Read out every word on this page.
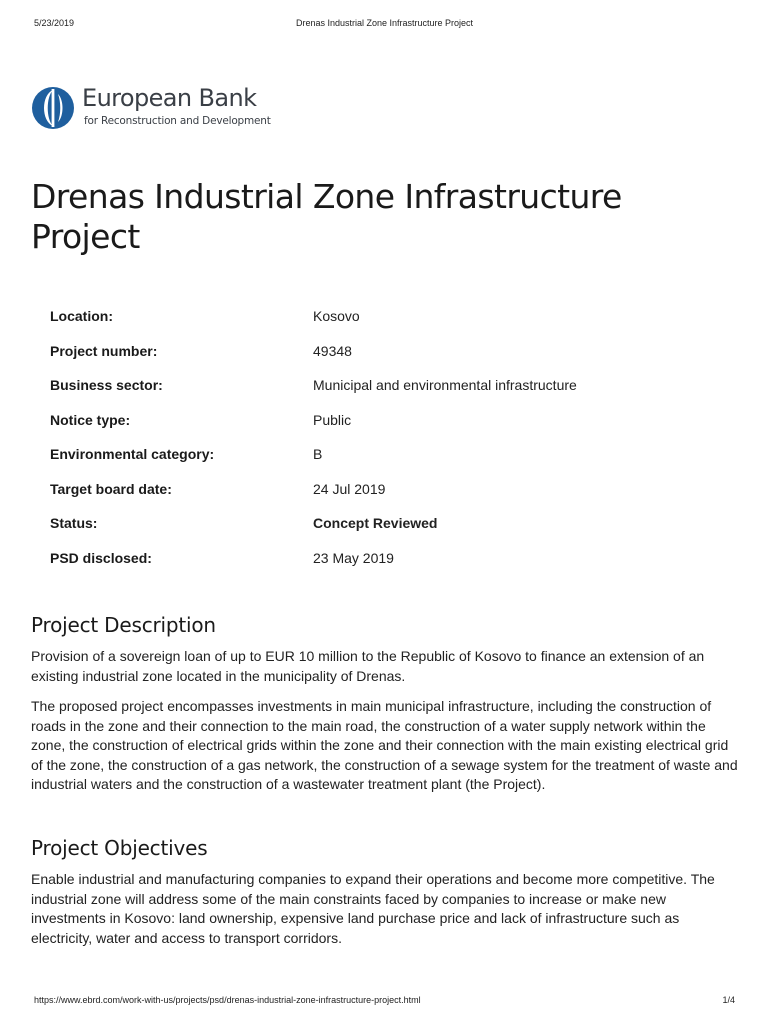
5/23/2019	Drenas Industrial Zone Infrastructure Project
European Bank
for Reconstruction and Development
Drenas Industrial Zone Infrastructure Project
Location:	Kosovo
Project number:	49348
Business sector:	Municipal and environmental infrastructure
Notice type:	Public
Environmental category:	B
Target board date:	24 Jul 2019
Status:	Concept Reviewed
PSD disclosed:	23 May 2019
Project Description

Provision of a sovereign loan of up to EUR 10 million to the Republic of Kosovo to finance an extension of an existing industrial zone located in the municipality of Drenas.

The proposed project encompasses investments in main municipal infrastructure, including the construction of roads in the zone and their connection to the main road, the construction of a water supply network within the zone, the construction of electrical grids within the zone and their connection with the main existing electrical grid of the zone, the construction of a gas network, the construction of a sewage system for the treatment of waste and industrial waters and the construction of a wastewater treatment plant (the Project).

Project Objectives

Enable industrial and manufacturing companies to expand their operations and become more competitive. The industrial zone will address some of the main constraints faced by companies to increase or make new investments in Kosovo: land ownership, expensive land purchase price and lack of infrastructure such as electricity, water and access to transport corridors.

https://www.ebrd.com/work-with-us/projects/psd/drenas-industrial-zone-infrastructure-project.html	1/4
